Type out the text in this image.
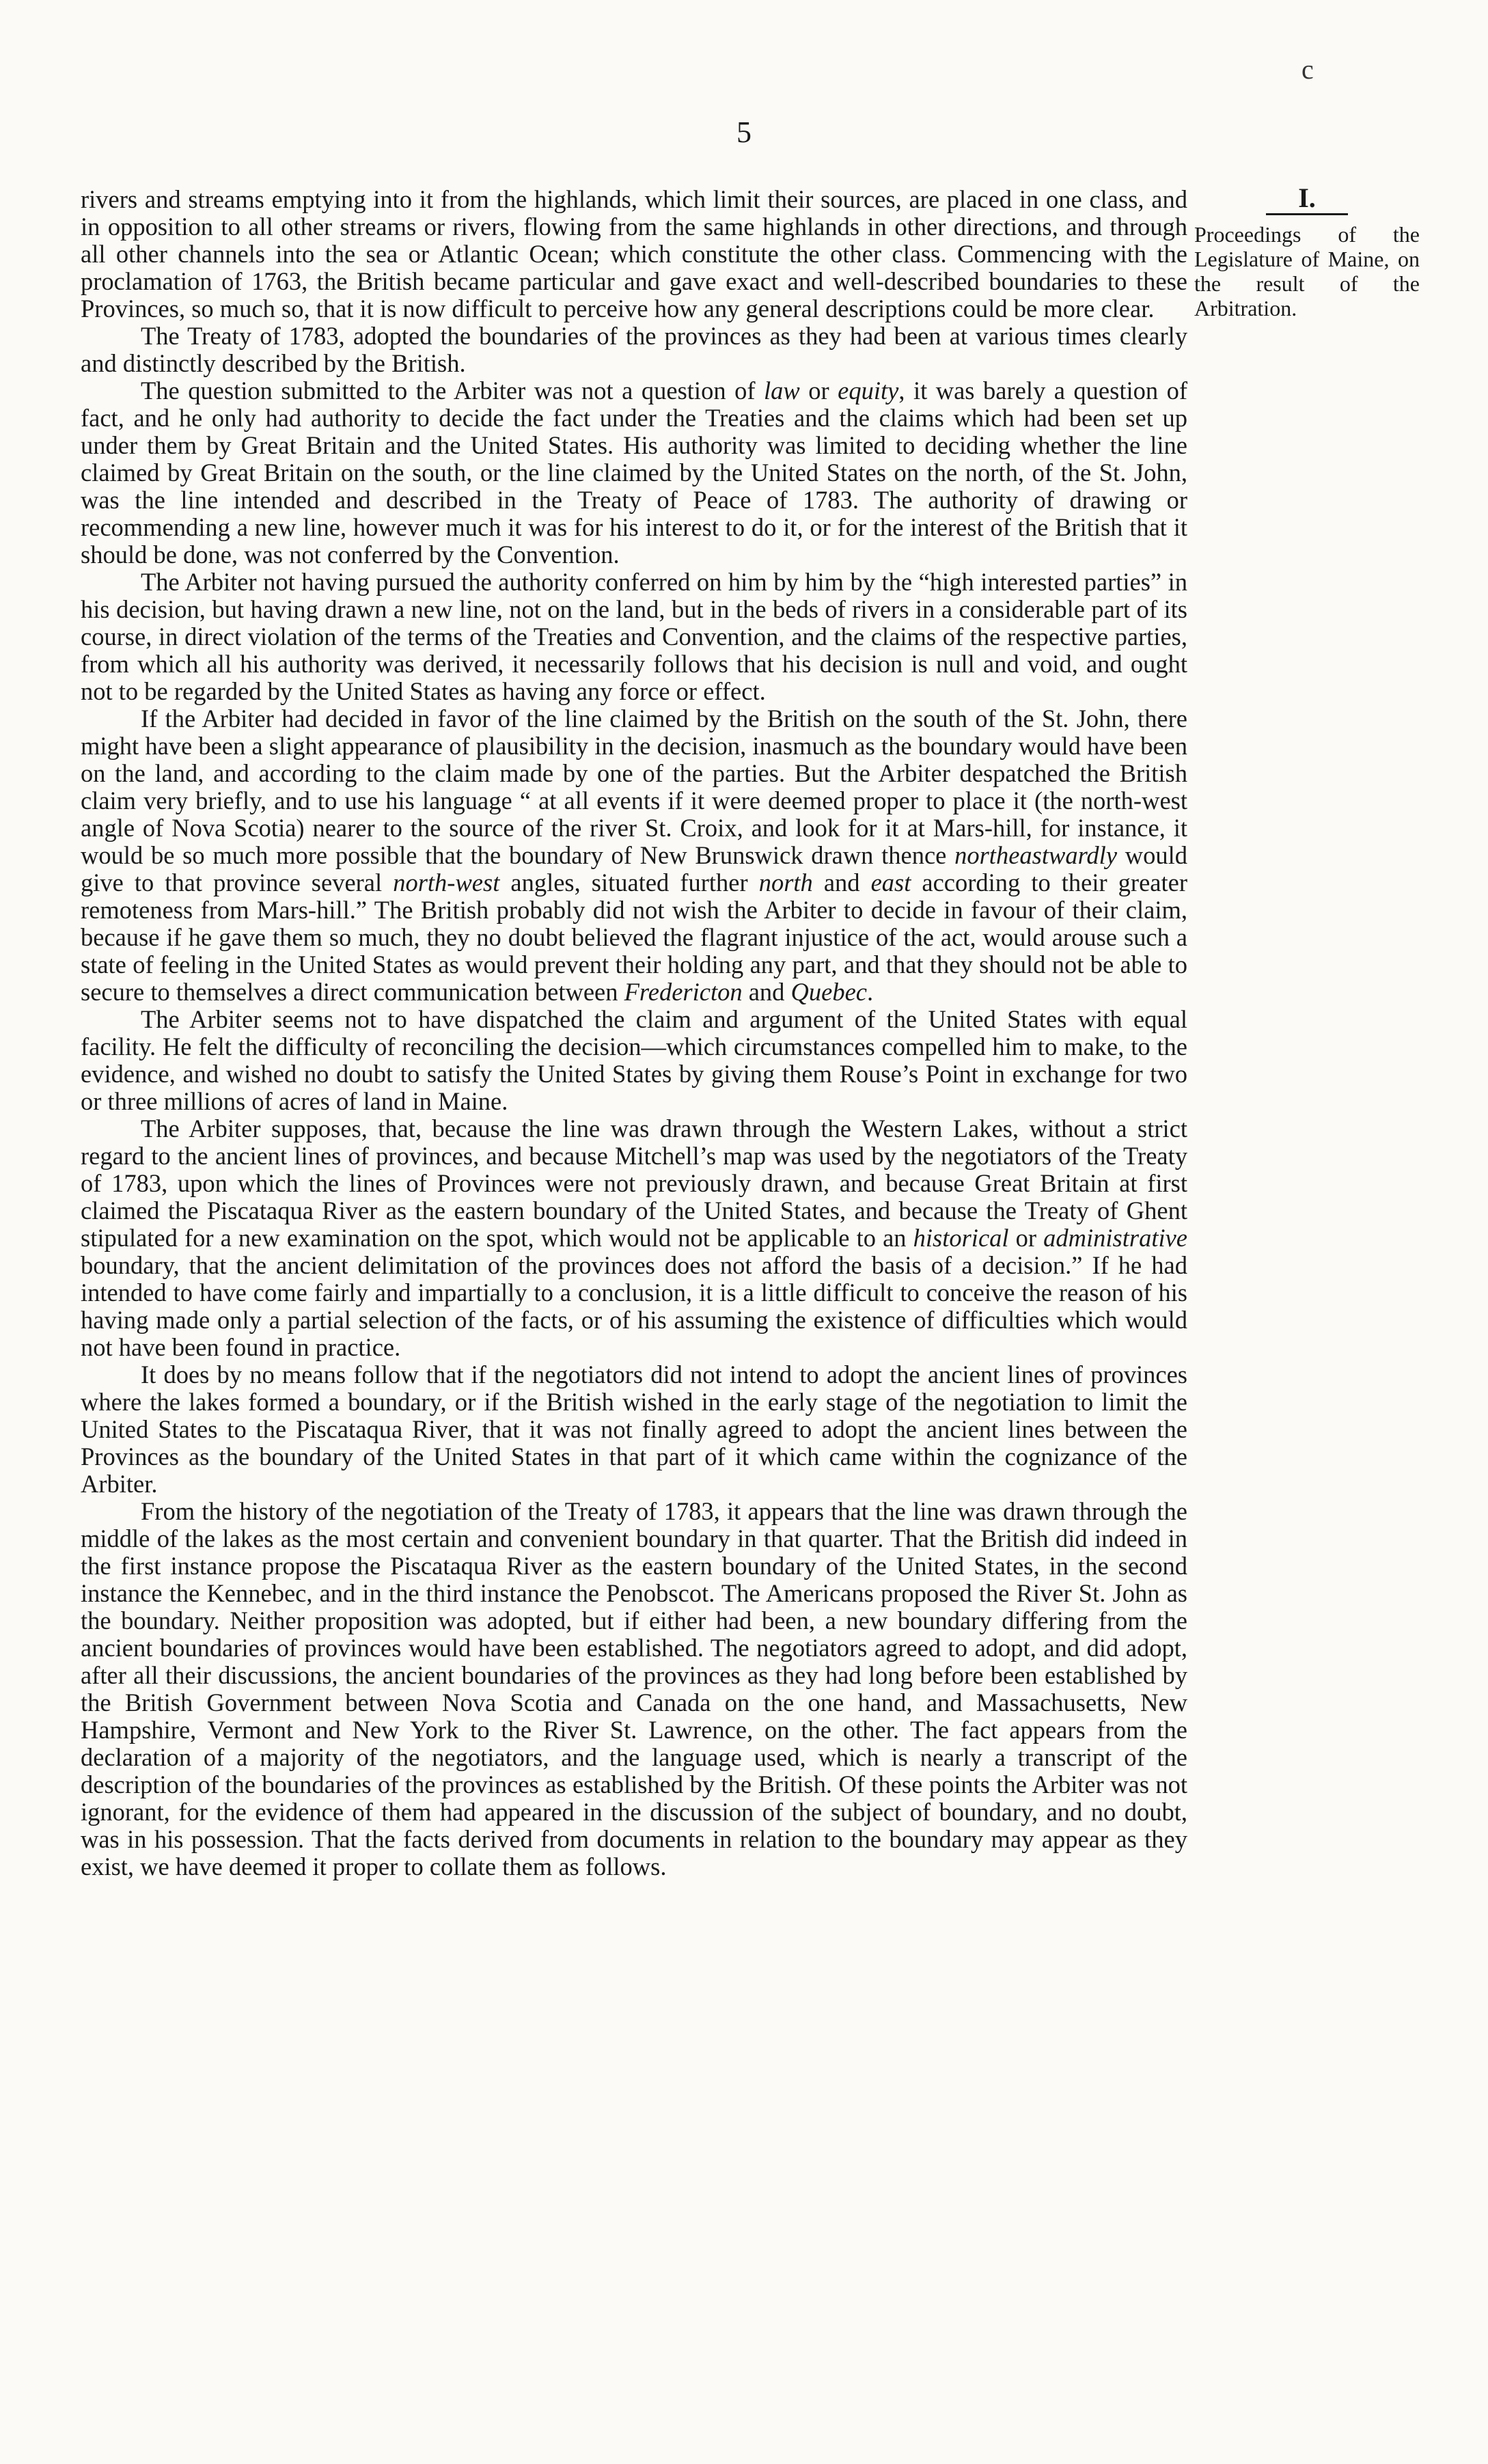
5

rivers and streams emptying into it from the highlands, which limit their sources, are placed in one class, and in opposition to all other streams or rivers, flowing from the same highlands in other directions, and through all other channels into the sea or Atlantic Ocean; which constitute the other class. Commencing with the proclamation of 1763, the British became particular and gave exact and well-described boundaries to these Provinces, so much so, that it is now difficult to perceive how any general descriptions could be more clear.

The Treaty of 1783, adopted the boundaries of the provinces as they had been at various times clearly and distinctly described by the British.

The question submitted to the Arbiter was not a question of law or equity, it was barely a question of fact, and he only had authority to decide the fact under the Treaties and the claims which had been set up under them by Great Britain and the United States. His authority was limited to deciding whether the line claimed by Great Britain on the south, or the line claimed by the United States on the north, of the St. John, was the line intended and described in the Treaty of Peace of 1783. The authority of drawing or recommending a new line, however much it was for his interest to do it, or for the interest of the British that it should be done, was not conferred by the Convention.

The Arbiter not having pursued the authority conferred on him by him by the “high interested parties” in his decision, but having drawn a new line, not on the land, but in the beds of rivers in a considerable part of its course, in direct violation of the terms of the Treaties and Convention, and the claims of the respective parties, from which all his authority was derived, it necessarily follows that his decision is null and void, and ought not to be regarded by the United States as having any force or effect.

If the Arbiter had decided in favor of the line claimed by the British on the south of the St. John, there might have been a slight appearance of plausibility in the decision, inasmuch as the boundary would have been on the land, and according to the claim made by one of the parties. But the Arbiter despatched the British claim very briefly, and to use his language “ at all events if it were deemed proper to place it (the north-west angle of Nova Scotia) nearer to the source of the river St. Croix, and look for it at Mars-hill, for instance, it would be so much more possible that the boundary of New Brunswick drawn thence northeastwardly would give to that province several north-west angles, situated further north and east according to their greater remoteness from Mars-hill.” The British probably did not wish the Arbiter to decide in favour of their claim, because if he gave them so much, they no doubt believed the flagrant injustice of the act, would arouse such a state of feeling in the United States as would prevent their holding any part, and that they should not be able to secure to themselves a direct communication between Fredericton and Quebec.

The Arbiter seems not to have dispatched the claim and argument of the United States with equal facility. He felt the difficulty of reconciling the decision—which circumstances compelled him to make, to the evidence, and wished no doubt to satisfy the United States by giving them Rouse’s Point in exchange for two or three millions of acres of land in Maine.

The Arbiter supposes, that, because the line was drawn through the Western Lakes, without a strict regard to the ancient lines of provinces, and because Mitchell’s map was used by the negotiators of the Treaty of 1783, upon which the lines of Provinces were not previously drawn, and because Great Britain at first claimed the Piscataqua River as the eastern boundary of the United States, and because the Treaty of Ghent stipulated for a new examination on the spot, which would not be applicable to an historical or administrative boundary, that the ancient delimitation of the provinces does not afford the basis of a decision.” If he had intended to have come fairly and impartially to a conclusion, it is a little difficult to conceive the reason of his having made only a partial selection of the facts, or of his assuming the existence of difficulties which would not have been found in practice.

It does by no means follow that if the negotiators did not intend to adopt the ancient lines of provinces where the lakes formed a boundary, or if the British wished in the early stage of the negotiation to limit the United States to the Piscataqua River, that it was not finally agreed to adopt the ancient lines between the Provinces as the boundary of the United States in that part of it which came within the cognizance of the Arbiter.

From the history of the negotiation of the Treaty of 1783, it appears that the line was drawn through the middle of the lakes as the most certain and convenient boundary in that quarter. That the British did indeed in the first instance propose the Piscataqua River as the eastern boundary of the United States, in the second instance the Kennebec, and in the third instance the Penobscot. The Americans proposed the River St. John as the boundary. Neither proposition was adopted, but if either had been, a new boundary differing from the ancient boundaries of provinces would have been established. The negotiators agreed to adopt, and did adopt, after all their discussions, the ancient boundaries of the provinces as they had long before been established by the British Government between Nova Scotia and Canada on the one hand, and Massachusetts, New Hampshire, Vermont and New York to the River St. Lawrence, on the other. The fact appears from the declaration of a majority of the negotiators, and the language used, which is nearly a transcript of the description of the boundaries of the provinces as established by the British. Of these points the Arbiter was not ignorant, for the evidence of them had appeared in the discussion of the subject of boundary, and no doubt, was in his possession. That the facts derived from documents in relation to the boundary may appear as they exist, we have deemed it proper to collate them as follows.

I.
Proceedings of the Legislature of Maine, on the result of the Arbitration.
c
